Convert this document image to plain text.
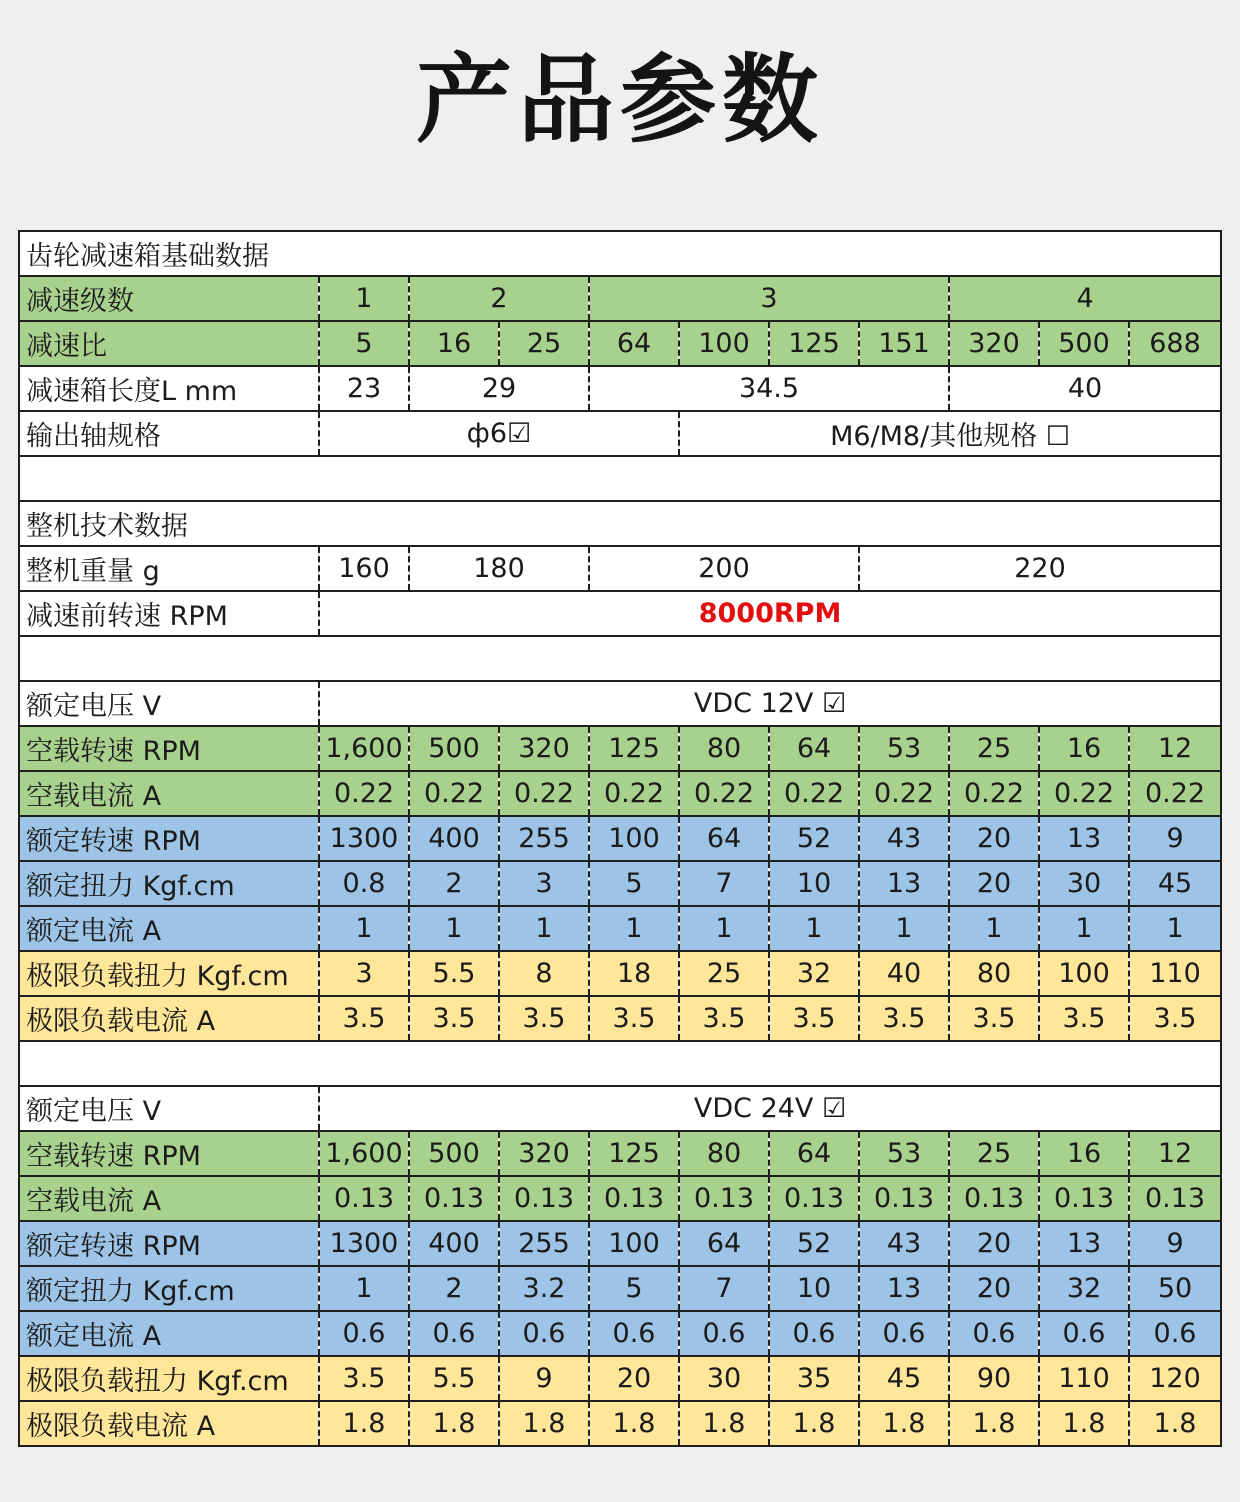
产品参数
齿轮减速箱基础数据										
减速级数	1	2		3				4		
减速比	5	16	25	64	100	125	151	320	500	688
减速箱长度L mm	23	29		34.5				40		
输出轴规格	ф6☑				M6/M8/其他规格 ☐					

整机技术数据										
整机重量 g	160	180		200			220			
减速前转速 RPM	8000RPM									

额定电压 V	VDC 12V ☑									
空载转速 RPM	1,600	500	320	125	80	64	53	25	16	12
空载电流 A	0.22	0.22	0.22	0.22	0.22	0.22	0.22	0.22	0.22	0.22
额定转速 RPM	1300	400	255	100	64	52	43	20	13	9
额定扭力 Kgf.cm	0.8	2	3	5	7	10	13	20	30	45
额定电流 A	1	1	1	1	1	1	1	1	1	1
极限负载扭力 Kgf.cm	3	5.5	8	18	25	32	40	80	100	110
极限负载电流 A	3.5	3.5	3.5	3.5	3.5	3.5	3.5	3.5	3.5	3.5

额定电压 V	VDC 24V ☑									
空载转速 RPM	1,600	500	320	125	80	64	53	25	16	12
空载电流 A	0.13	0.13	0.13	0.13	0.13	0.13	0.13	0.13	0.13	0.13
额定转速 RPM	1300	400	255	100	64	52	43	20	13	9
额定扭力 Kgf.cm	1	2	3.2	5	7	10	13	20	32	50
额定电流 A	0.6	0.6	0.6	0.6	0.6	0.6	0.6	0.6	0.6	0.6
极限负载扭力 Kgf.cm	3.5	5.5	9	20	30	35	45	90	110	120
极限负载电流 A	1.8	1.8	1.8	1.8	1.8	1.8	1.8	1.8	1.8	1.8
